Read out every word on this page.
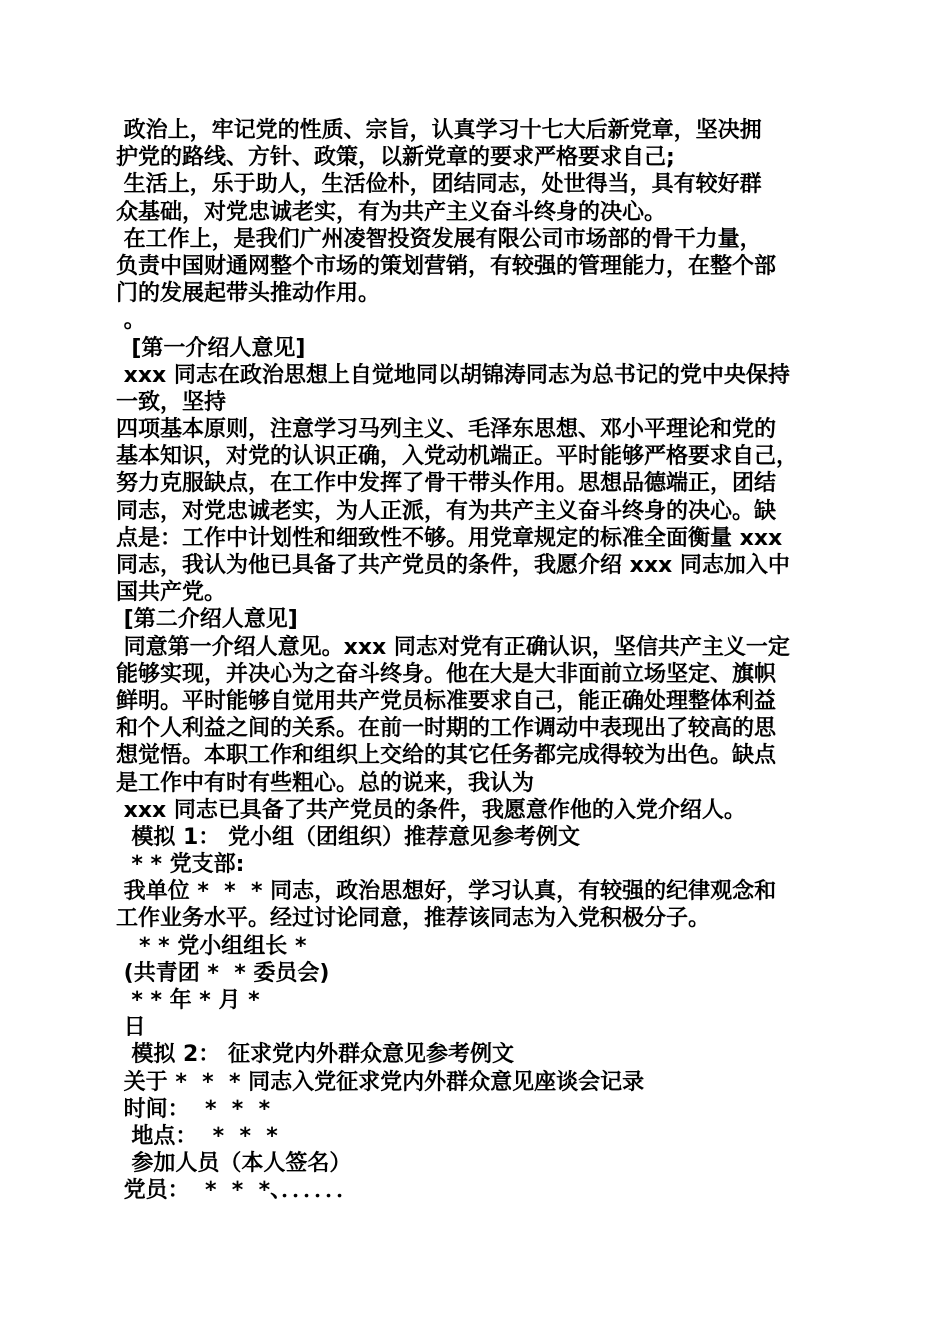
政治上，牢记党的性质、宗旨，认真学习十七大后新党章，坚决拥
护党的路线、方针、政策，以新党章的要求严格要求自己;
生活上，乐于助人，生活俭朴，团结同志，处世得当，具有较好群
众基础，对党忠诚老实，有为共产主义奋斗终身的决心。
在工作上，是我们广州凌智投资发展有限公司市场部的骨干力量，
负责中国财通网整个市场的策划营销，有较强的管理能力，在整个部
门的发展起带头推动作用。
。
[第一介绍人意见]
xxx 同志在政治思想上自觉地同以胡锦涛同志为总书记的党中央保持
一致，坚持
四项基本原则，注意学习马列主义、毛泽东思想、邓小平理论和党的
基本知识，对党的认识正确，入党动机端正。平时能够严格要求自己，
努力克服缺点，在工作中发挥了骨干带头作用。思想品德端正，团结
同志，对党忠诚老实，为人正派，有为共产主义奋斗终身的决心。缺
点是：工作中计划性和细致性不够。用党章规定的标准全面衡量 xxx
同志，我认为他已具备了共产党员的条件，我愿介绍 xxx 同志加入中
国共产党。
[第二介绍人意见]
同意第一介绍人意见。xxx 同志对党有正确认识，坚信共产主义一定
能够实现，并决心为之奋斗终身。他在大是大非面前立场坚定、旗帜
鲜明。平时能够自觉用共产党员标准要求自己，能正确处理整体利益
和个人利益之间的关系。在前一时期的工作调动中表现出了较高的思
想觉悟。本职工作和组织上交给的其它任务都完成得较为出色。缺点
是工作中有时有些粗心。总的说来，我认为
xxx 同志已具备了共产党员的条件，我愿意作他的入党介绍人。
模拟 1： 党小组（团组织）推荐意见参考例文
* * 党支部:
我单位 *  *  * 同志，政治思想好，学习认真，有较强的纪律观念和
工作业务水平。经过讨论同意，推荐该同志为入党积极分子。
* * 党小组组长 *
(共青团 *  * 委员会)
* * 年 * 月 *
日
模拟 2： 征求党内外群众意见参考例文
关于 *  *  * 同志入党征求党内外群众意见座谈会记录
时间：  *  *  *
地点：  *  *  *
参加人员（本人签名）
党员：  *  *  *、．．．．．．
